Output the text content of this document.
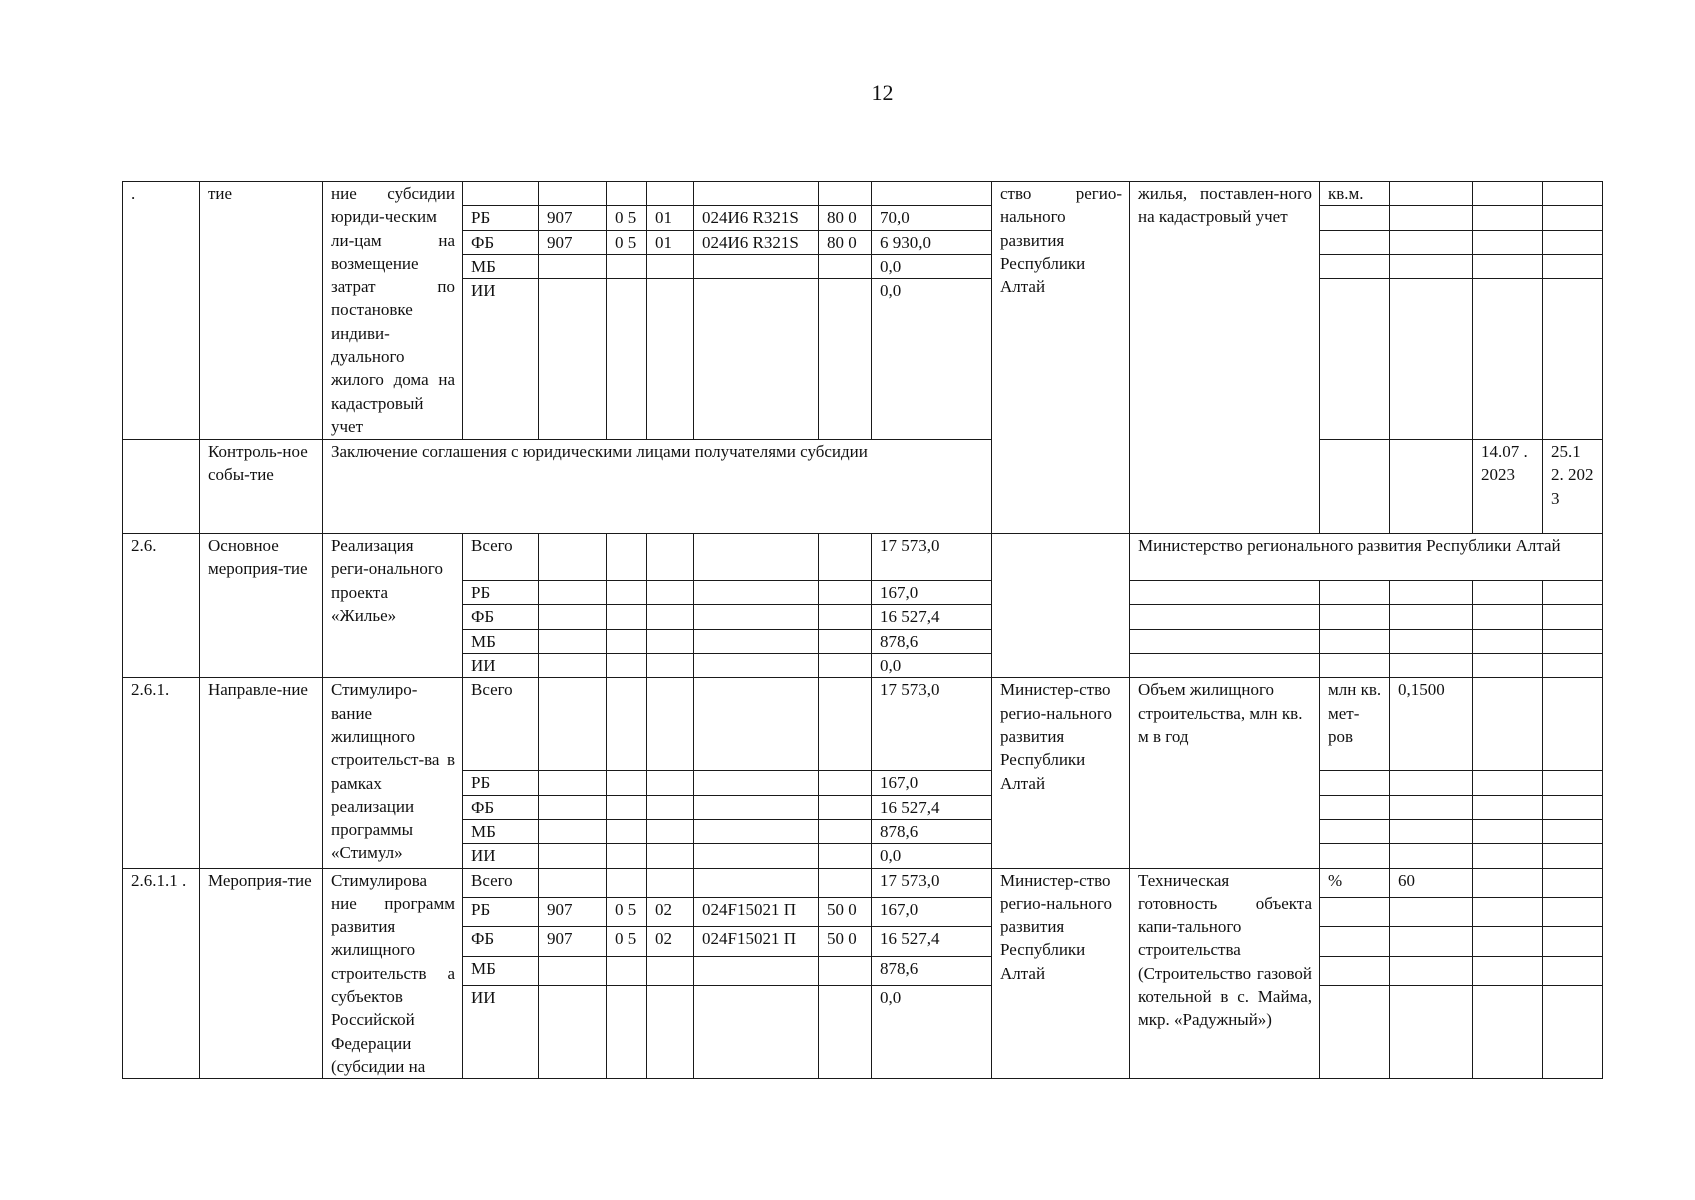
12
.	тие	ние субсидии юриди-ческим ли-цам на возмещение затрат по постановке индиви-дуального жилого дома на кадастровый учет								ство регио-нального развития Республики Алтай	жилья, поставлен-ного на кадастровый учет	кв.м.			
			РБ	907	0 5	01	024И6 R321S	80 0	70,0						
			ФБ	907	0 5	01	024И6 R321S	80 0	6 930,0						
			МБ						0,0						
			ИИ						0,0						
	Контроль-ное собы-тие	Заключение соглашения с юридическими лицами получателями субсидии												14.07 . 2023	25.1 2. 202 3
2.6.	Основное мероприя-тие	Реализация реги-онального проекта «Жилье»	Всего						17 573,0		Министерство регионального развития Республики Алтай				
			РБ						167,0						
			ФБ						16 527,4						
			МБ						878,6						
			ИИ						0,0						
2.6.1.	Направле-ние	Стимулиро-вание жилищного строительст-ва в рамках реализации программы «Стимул»	Всего						17 573,0	Министер-ство регио-нального развития Республики Алтай	Объем жилищного строительства, млн кв. м в год	млн кв. мет-ров	0,1500		
			РБ						167,0						
			ФБ						16 527,4						
			МБ						878,6						
			ИИ						0,0						
2.6.1.1 .	Мероприя-тие	Стимулирова ние программ развития жилищного строительств а субъектов Российской Федерации (субсидии на	Всего						17 573,0	Министер-ство регио-нального развития Республики Алтай	Техническая готовность объекта капи-тального строительства (Строительство газовой котельной в с. Майма, мкр. «Радужный»)	%	60		
			РБ	907	0 5	02	024F15021 П	50 0	167,0						
			ФБ	907	0 5	02	024F15021 П	50 0	16 527,4						
			МБ						878,6						
			ИИ						0,0						
